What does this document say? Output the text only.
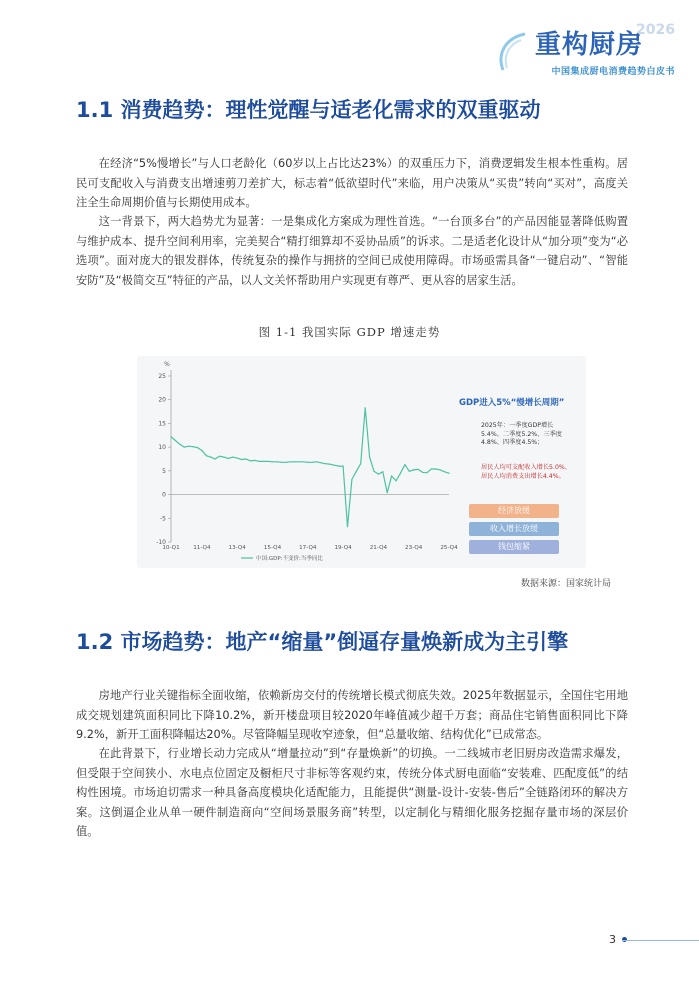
2026
重构厨房
中国集成厨电消费趋势白皮书
1.1 消费趋势：理性觉醒与适老化需求的双重驱动

在经济“5%慢增长”与人口老龄化（60岁以上占比达23%）的双重压力下，消费逻辑发生根本性重构。居民可支配收入与消费支出增速剪刀差扩大，标志着“低欲望时代”来临，用户决策从“买贵”转向“买对”，高度关注全生命周期价值与长期使用成本。

这一背景下，两大趋势尤为显著：一是集成化方案成为理性首选。“一台顶多台”的产品因能显著降低购置与维护成本、提升空间利用率，完美契合“精打细算却不妥协品质”的诉求。二是适老化设计从“加分项”变为“必选项”。面对庞大的银发群体，传统复杂的操作与拥挤的空间已成使用障碍。市场亟需具备“一键启动”、“智能安防”及“极简交互”特征的产品，以人文关怀帮助用户实现更有尊严、更从容的居家生活。

图 1-1 我国实际 GDP 增速走势
%
-10
-5
0
5
10
15
20
25
10-Q1 11-Q4	13-Q4	15-Q4	17-Q4	19-Q4	21-Q4	23-Q4	25-Q4
中国:GDP:不变价:当季同比
GDP进入5%“慢增长周期”
2025年：一季度GDP增长5.4%、二季度5.2%、三季度4.8%、四季度4.5%；
居民人均可支配收入增长5.0%、居民人均消费支出增长4.4%。
经济放缓
收入增长放缓
钱包缩紧
数据来源：国家统计局
1.2 市场趋势：地产“缩量”倒逼存量焕新成为主引擎

房地产行业关键指标全面收缩，依赖新房交付的传统增长模式彻底失效。2025年数据显示，全国住宅用地成交规划建筑面积同比下降10.2%，新开楼盘项目较2020年峰值减少超千万套；商品住宅销售面积同比下降9.2%，新开工面积降幅达20%。尽管降幅呈现收窄迹象，但“总量收缩、结构优化”已成常态。

在此背景下，行业增长动力完成从“增量拉动”到“存量焕新”的切换。一二线城市老旧厨房改造需求爆发，但受限于空间狭小、水电点位固定及橱柜尺寸非标等客观约束，传统分体式厨电面临“安装难、匹配度低”的结构性困境。市场迫切需求一种具备高度模块化适配能力，且能提供“测量-设计-安装-售后”全链路闭环的解决方案。这倒逼企业从单一硬件制造商向“空间场景服务商”转型，以定制化与精细化服务挖掘存量市场的深层价值。

3
